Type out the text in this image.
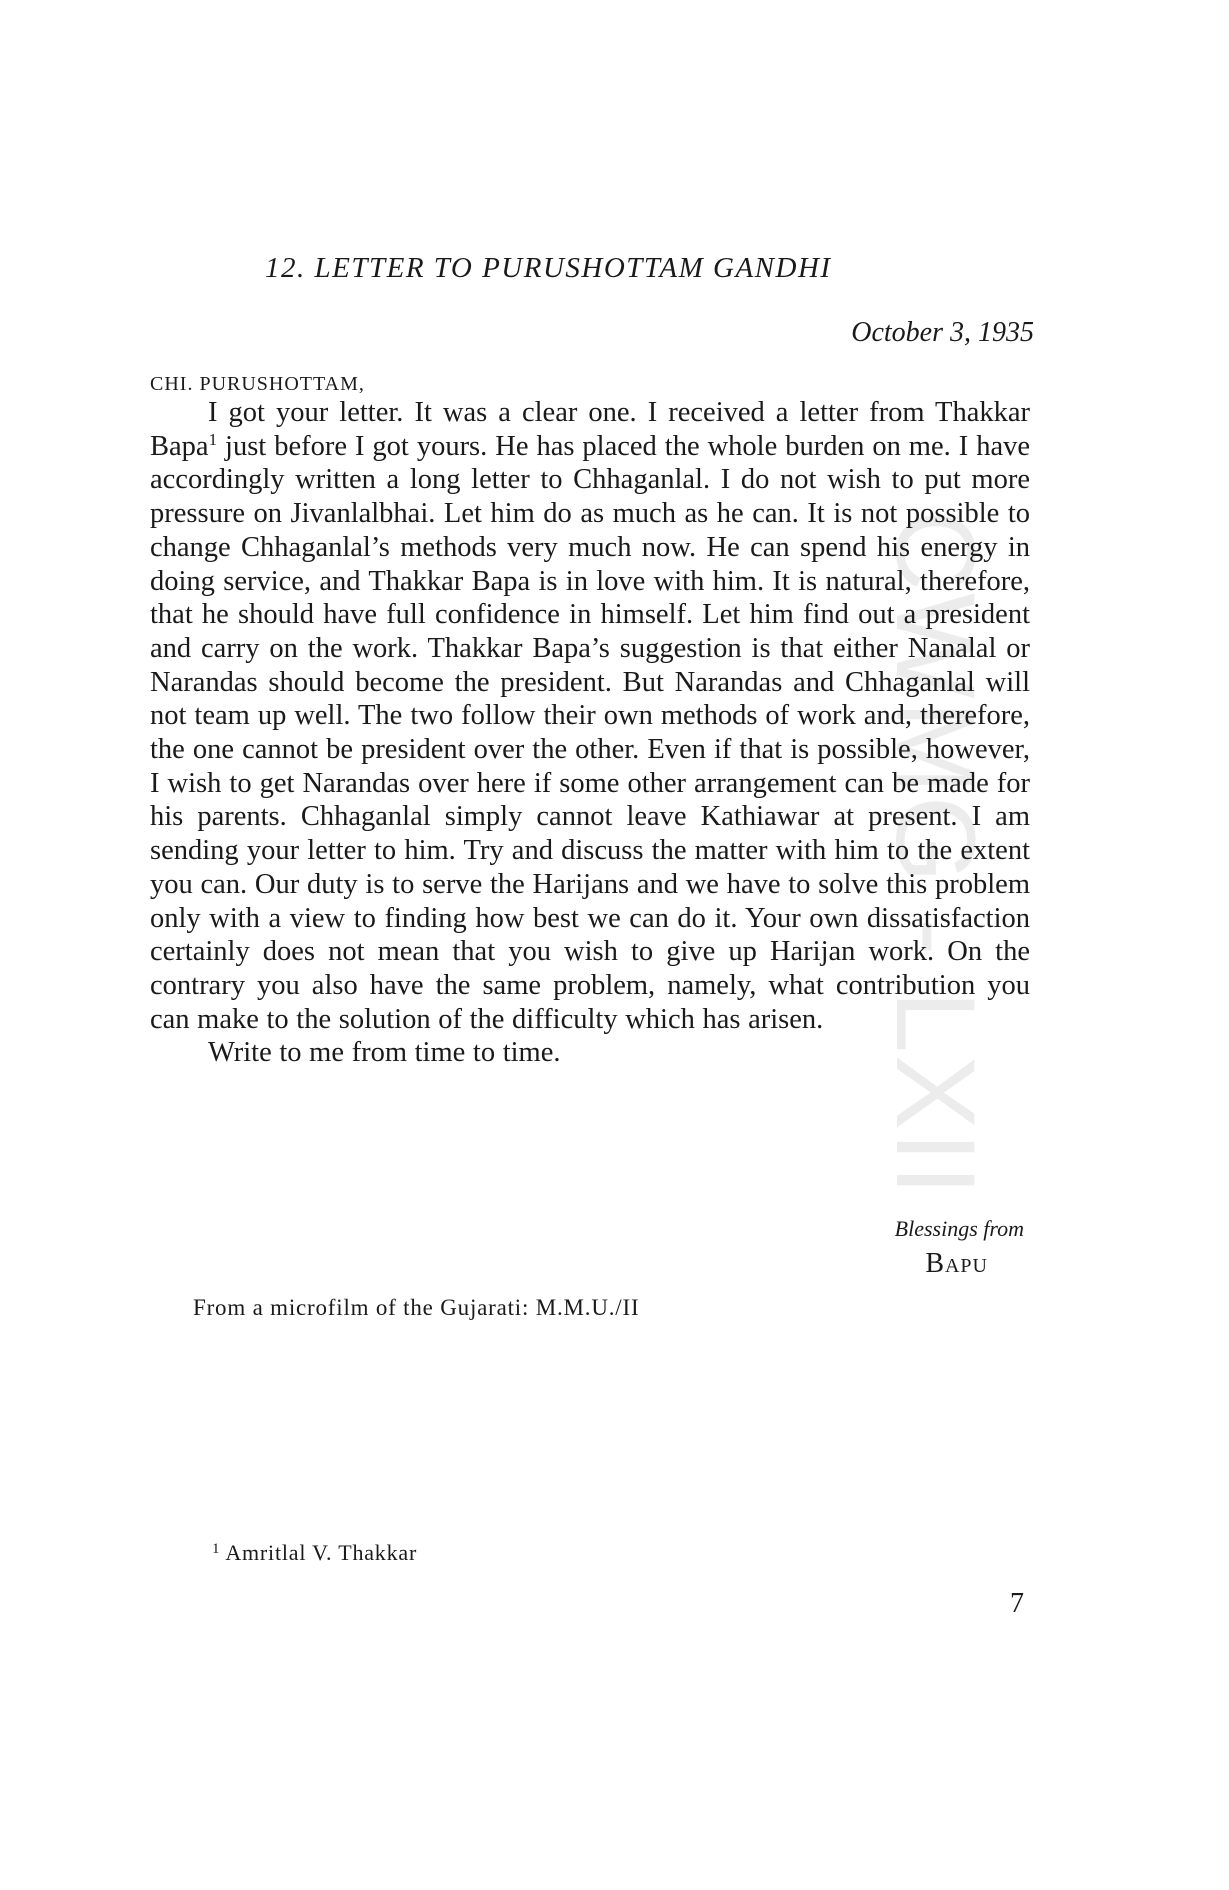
CWMG - LXII
12. LETTER TO PURUSHOTTAM GANDHI
October 3, 1935
CHI. PURUSHOTTAM,

I got your letter. It was a clear one. I received a letter from Thakkar Bapa$^1$ just before I got yours. He has placed the whole burden on me. I have accordingly written a long letter to Chhaganlal. I do not wish to put more pressure on Jivanlalbhai. Let him do as much as he can. It is not possible to change Chhaganlal’s methods very much now. He can spend his energy in doing service, and Thakkar Bapa is in love with him. It is natural, therefore, that he should have full confidence in himself. Let him find out a president and carry on the work. Thakkar Bapa’s suggestion is that either Nanalal or Narandas should become the president. But Narandas and Chhaganlal will not team up well. The two follow their own methods of work and, therefore, the one cannot be president over the other. Even if that is possible, however, I wish to get Narandas over here if some other arrangement can be made for his parents. Chhaganlal simply cannot leave Kathiawar at present. I am sending your letter to him. Try and discuss the matter with him to the extent you can. Our duty is to serve the Harijans and we have to solve this problem only with a view to finding how best we can do it. Your own dissatisfaction certainly does not mean that you wish to give up Harijan work. On the contrary you also have the same problem, namely, what contribution you can make to the solution of the difficulty which has arisen.

Write to me from time to time.

Blessings from
Bapu
From a microfilm of the Gujarati: M.M.U./II
$^1$ Amritlal V. Thakkar
7
